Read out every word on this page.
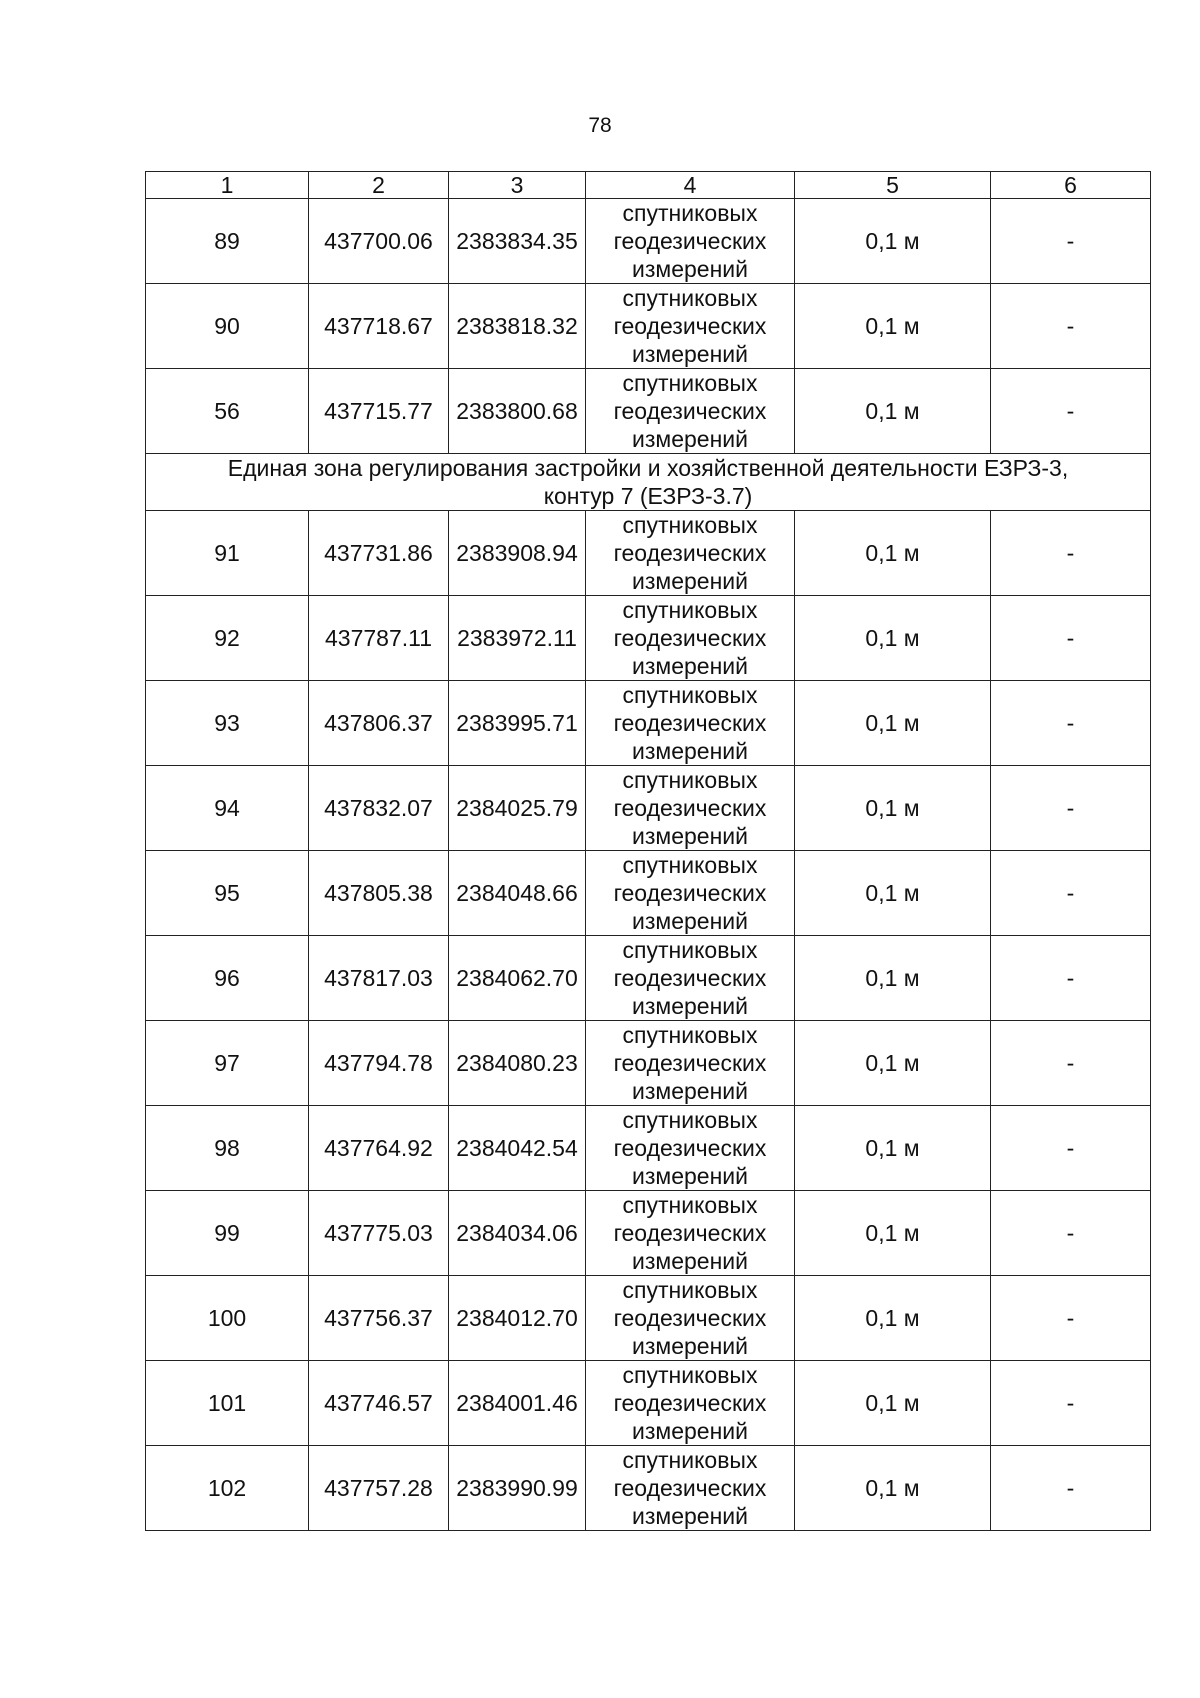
78
1	2	3	4	5	6
89	437700.06	2383834.35	спутниковых
геодезических
измерений	0,1 м	-
90	437718.67	2383818.32	спутниковых
геодезических
измерений	0,1 м	-
56	437715.77	2383800.68	спутниковых
геодезических
измерений	0,1 м	-

Единая зона регулирования застройки и хозяйственной деятельности ЕЗРЗ-3,
контур 7 (ЕЗРЗ-3.7)					

91	437731.86	2383908.94	спутниковых
геодезических
измерений	0,1 м	-
92	437787.11	2383972.11	спутниковых
геодезических
измерений	0,1 м	-
93	437806.37	2383995.71	спутниковых
геодезических
измерений	0,1 м	-
94	437832.07	2384025.79	спутниковых
геодезических
измерений	0,1 м	-
95	437805.38	2384048.66	спутниковых
геодезических
измерений	0,1 м	-
96	437817.03	2384062.70	спутниковых
геодезических
измерений	0,1 м	-
97	437794.78	2384080.23	спутниковых
геодезических
измерений	0,1 м	-
98	437764.92	2384042.54	спутниковых
геодезических
измерений	0,1 м	-
99	437775.03	2384034.06	спутниковых
геодезических
измерений	0,1 м	-
100	437756.37	2384012.70	спутниковых
геодезических
измерений	0,1 м	-
101	437746.57	2384001.46	спутниковых
геодезических
измерений	0,1 м	-
102	437757.28	2383990.99	спутниковых
геодезических
измерений	0,1 м	-
